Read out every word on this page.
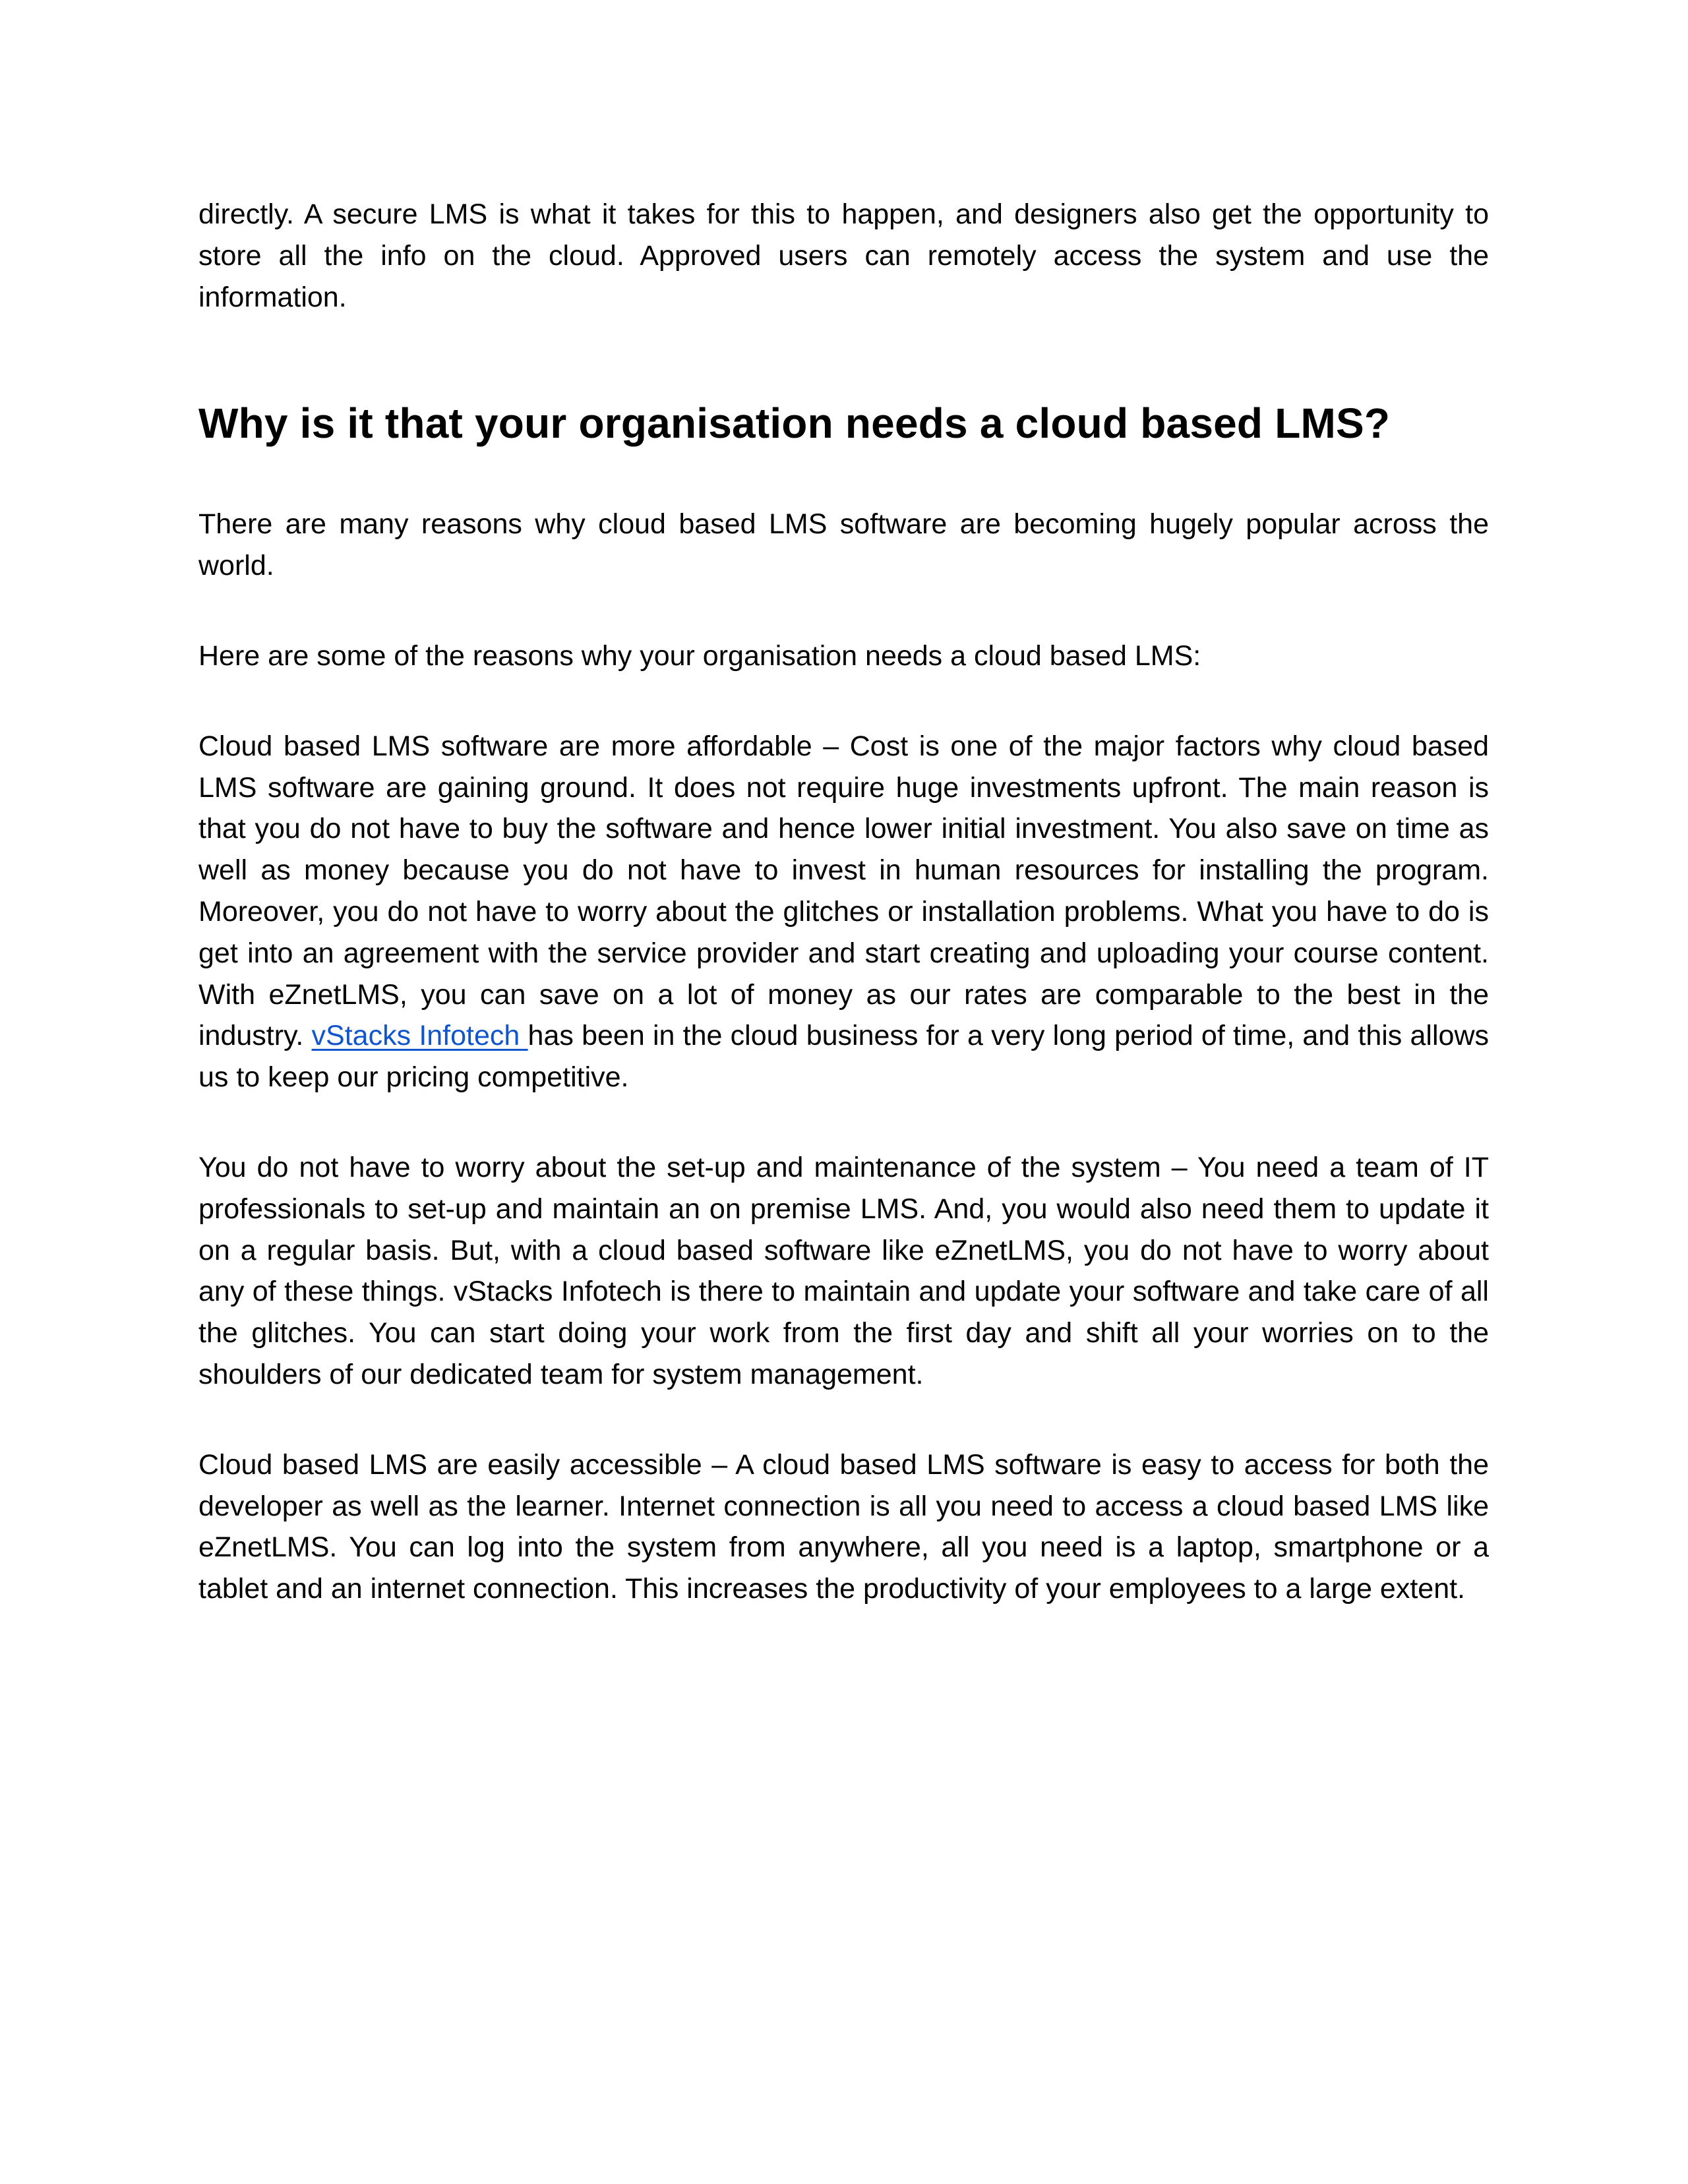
directly. A secure LMS is what it takes for this to happen, and designers also get the opportunity to store all the info on the cloud. Approved users can remotely access the system and use the information.

Why is it that your organisation needs a cloud based LMS?

There are many reasons why cloud based LMS software are becoming hugely popular across the world.

Here are some of the reasons why your organisation needs a cloud based LMS:

Cloud based LMS software are more affordable – Cost is one of the major factors why cloud based LMS software are gaining ground. It does not require huge investments upfront. The main reason is that you do not have to buy the software and hence lower initial investment. You also save on time as well as money because you do not have to invest in human resources for installing the program. Moreover, you do not have to worry about the glitches or installation problems. What you have to do is get into an agreement with the service provider and start creating and uploading your course content. With eZnetLMS, you can save on a lot of money as our rates are comparable to the best in the industry. vStacks Infotech has been in the cloud business for a very long period of time, and this allows us to keep our pricing competitive.

You do not have to worry about the set-up and maintenance of the system – You need a team of IT professionals to set-up and maintain an on premise LMS. And, you would also need them to update it on a regular basis. But, with a cloud based software like eZnetLMS, you do not have to worry about any of these things. vStacks Infotech is there to maintain and update your software and take care of all the glitches. You can start doing your work from the first day and shift all your worries on to the shoulders of our dedicated team for system management.

Cloud based LMS are easily accessible – A cloud based LMS software is easy to access for both the developer as well as the learner. Internet connection is all you need to access a cloud based LMS like eZnetLMS. You can log into the system from anywhere, all you need is a laptop, smartphone or a tablet and an internet connection. This increases the productivity of your employees to a large extent.
